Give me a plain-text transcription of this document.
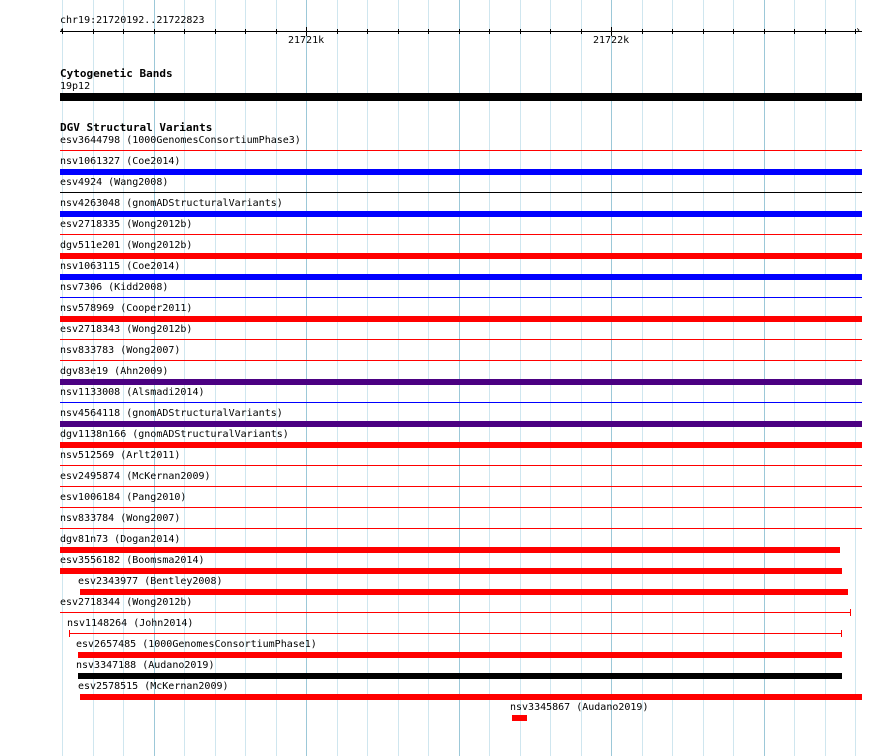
chr19:21720192..21722823
‹	›
21721k	21722k
Cytogenetic Bands
19p12
DGV Structural Variants
esv3644798 (1000GenomesConsortiumPhase3)
nsv1061327 (Coe2014)
esv4924 (Wang2008)
nsv4263048 (gnomADStructuralVariants)
esv2718335 (Wong2012b)
dgv511e201 (Wong2012b)
nsv1063115 (Coe2014)
nsv7306 (Kidd2008)
nsv578969 (Cooper2011)
esv2718343 (Wong2012b)
nsv833783 (Wong2007)
dgv83e19 (Ahn2009)
nsv1133008 (Alsmadi2014)
nsv4564118 (gnomADStructuralVariants)
dgv1138n166 (gnomADStructuralVariants)
nsv512569 (Arlt2011)
esv2495874 (McKernan2009)
esv1006184 (Pang2010)
nsv833784 (Wong2007)
dgv81n73 (Dogan2014)
esv3556182 (Boomsma2014)
esv2343977 (Bentley2008)
esv2718344 (Wong2012b)
nsv1148264 (John2014)
esv2657485 (1000GenomesConsortiumPhase1)
nsv3347188 (Audano2019)
esv2578515 (McKernan2009)
nsv3345867 (Audano2019)
